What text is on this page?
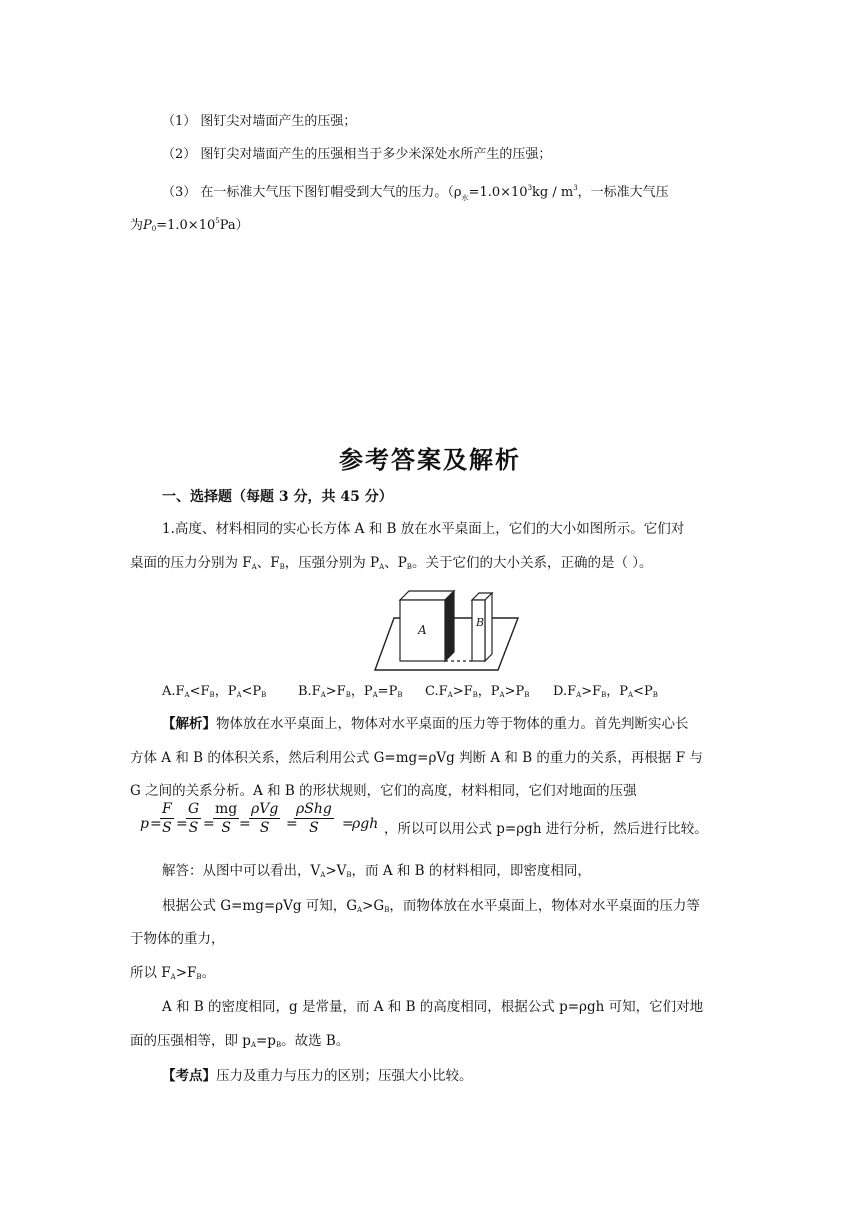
（1） 图钉尖对墙面产生的压强；
（2） 图钉尖对墙面产生的压强相当于多少米深处水所产生的压强；
（3） 在一标准大气压下图钉帽受到大气的压力。（$\rho_水=1.0\times 10^3kg / m^3$，一标准大气压
为$P_0=1.0\times 10^5Pa$）
参考答案及解析
一、选择题（每题 3 分，共 45 分）
1.高度、材料相同的实心长方体 A 和 B 放在水平桌面上，它们的大小如图所示。它们对
桌面的压力分别为 $F_A$、$F_B$，压强分别为 $P_A$、$P_B$。关于它们的大小关系，正确的是（ ）。
A
B
$A.F_A<F_B$，$P_A<P_B$ $B.F_A>F_B$，$P_A=P_B$ $C.F_A>F_B$，$P_A>P_B$ $D.F_A>F_B$，$P_A<P_B$
【解析】物体放在水平桌面上，物体对水平桌面的压力等于物体的重力。首先判断实心长
方体 A 和 B 的体积关系，然后利用公式 G=mg=ρVg 判断 A 和 B 的重力的关系，再根据 F 与
G 之间的关系分析。A 和 B 的形状规则，它们的高度，材料相同，它们对地面的压强
p =
$\frac{F}{S}$ =
$\frac{G}{S}$ =
$\frac{mg}{S}$ =
ρVg
S	=
ρShg
S	=
ρgh ，所以可以用公式 p=ρgh 进行分析，然后进行比较。
解答：从图中可以看出，$V_A>V_B$，而 A 和 B 的材料相同，即密度相同，
根据公式 G=mg=ρVg 可知，$G_A>G_B$，而物体放在水平桌面上，物体对水平桌面的压力等
于物体的重力，
所以 $F_A>F_B$。
A 和 B 的密度相同，g 是常量，而 A 和 B 的高度相同，根据公式 p=ρgh 可知，它们对地
面的压强相等，即 $p_A=p_B$。故选 B。
【考点】压力及重力与压力的区别；压强大小比较。
